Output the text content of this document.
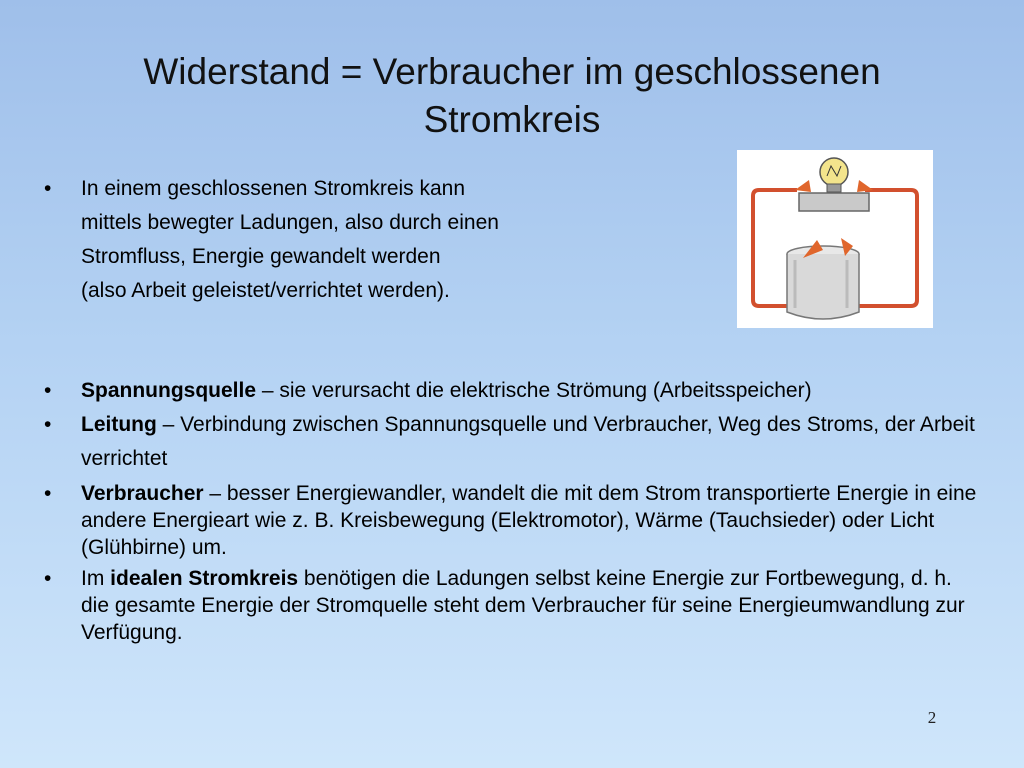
Widerstand = Verbraucher im geschlossenen Stromkreis
• In einem geschlossenen Stromkreis kann
mittels bewegter Ladungen, also durch einen
Stromfluss, Energie gewandelt werden
(also Arbeit geleistet/verrichtet werden).
• Spannungsquelle – sie verursacht die elektrische Strömung (Arbeitsspeicher)
• Leitung – Verbindung zwischen Spannungsquelle und Verbraucher, Weg des Stroms, der Arbeit verrichtet
• Verbraucher – besser Energiewandler, wandelt die mit dem Strom transportierte Energie in eine andere Energieart wie z. B. Kreisbewegung (Elektromotor), Wärme (Tauchsieder) oder Licht (Glühbirne) um.
• Im idealen Stromkreis benötigen die Ladungen selbst keine Energie zur Fortbewegung, d. h. die gesamte Energie der Stromquelle steht dem Verbraucher für seine Energieumwandlung zur Verfügung.
2
